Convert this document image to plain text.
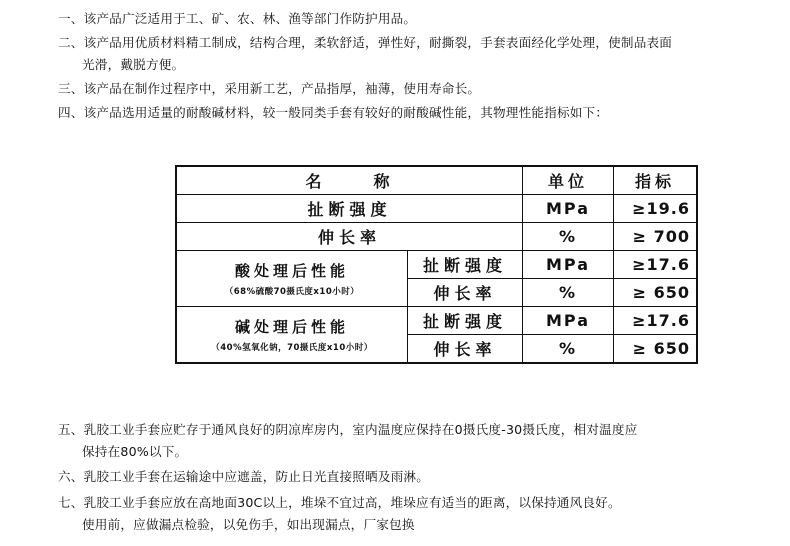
一、该产品广泛适用于工、矿、农、林、渔等部门作防护用品。
二、该产品用优质材料精工制成，结构合理，柔软舒适，弹性好，耐撕裂，手套表面经化学处理，使制品表面
光滑，戴脱方便。
三、该产品在制作过程序中，采用新工艺，产品指厚，袖薄，使用寿命长。
四、该产品选用适量的耐酸碱材料，较一般同类手套有较好的耐酸碱性能，其物理性能指标如下：
名 称		单位	指标
扯断强度		MPa	≥19.6
伸长率		%	≥ 700

酸处理后性能
（68%硫酸70摄氏度x10小时）	扯断强度	MPa	≥17.6
	伸长率	%	≥ 650

碱处理后性能
（40%氢氧化钠，70摄氏度x10小时）	扯断强度	MPa	≥17.6
	伸长率	%	≥ 650
五、乳胶工业手套应贮存于通风良好的阴凉库房内，室内温度应保持在0摄氏度-30摄氏度，相对温度应
保持在80%以下。
六、乳胶工业手套在运输途中应遮盖，防止日光直接照晒及雨淋。
七、乳胶工业手套应放在高地面30C以上，堆垛不宜过高，堆垛应有适当的距离，以保持通风良好。
使用前，应做漏点检验，以免伤手，如出现漏点，厂家包换
